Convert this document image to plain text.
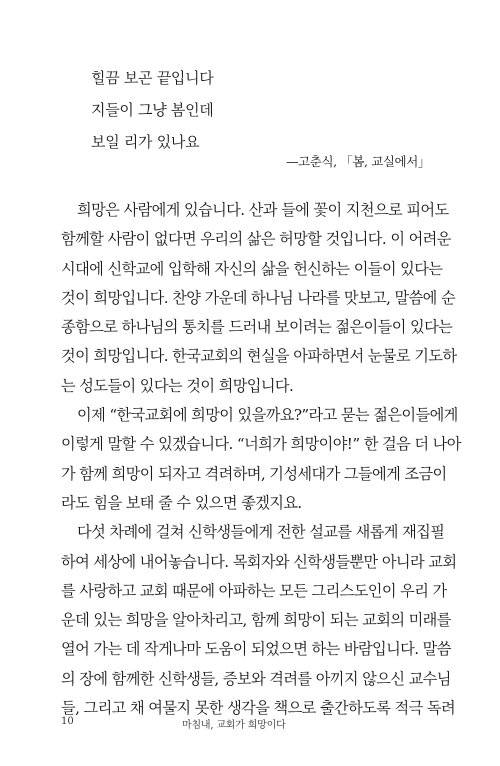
힐끔 보곤 끝입니다
지들이 그냥 봄인데
보일 리가 있나요
—고춘식, 「봄, 교실에서」
희망은 사람에게 있습니다. 산과 들에 꽃이 지천으로 피어도
함께할 사람이 없다면 우리의 삶은 허망할 것입니다. 이 어려운
시대에 신학교에 입학해 자신의 삶을 헌신하는 이들이 있다는
것이 희망입니다. 찬양 가운데 하나님 나라를 맛보고, 말씀에 순
종함으로 하나님의 통치를 드러내 보이려는 젊은이들이 있다는
것이 희망입니다. 한국교회의 현실을 아파하면서 눈물로 기도하
는 성도들이 있다는 것이 희망입니다.
이제 “한국교회에 희망이 있을까요?”라고 묻는 젊은이들에게
이렇게 말할 수 있겠습니다. “너희가 희망이야!” 한 걸음 더 나아
가 함께 희망이 되자고 격려하며, 기성세대가 그들에게 조금이
라도 힘을 보태 줄 수 있으면 좋겠지요.
다섯 차례에 걸쳐 신학생들에게 전한 설교를 새롭게 재집필
하여 세상에 내어놓습니다. 목회자와 신학생들뿐만 아니라 교회
를 사랑하고 교회 때문에 아파하는 모든 그리스도인이 우리 가
운데 있는 희망을 알아차리고, 함께 희망이 되는 교회의 미래를
열어 가는 데 작게나마 도움이 되었으면 하는 바람입니다. 말씀
의 장에 함께한 신학생들, 증보와 격려를 아끼지 않으신 교수님
들, 그리고 채 여물지 못한 생각을 책으로 출간하도록 적극 독려
10	마침내, 교회가 희망이다
